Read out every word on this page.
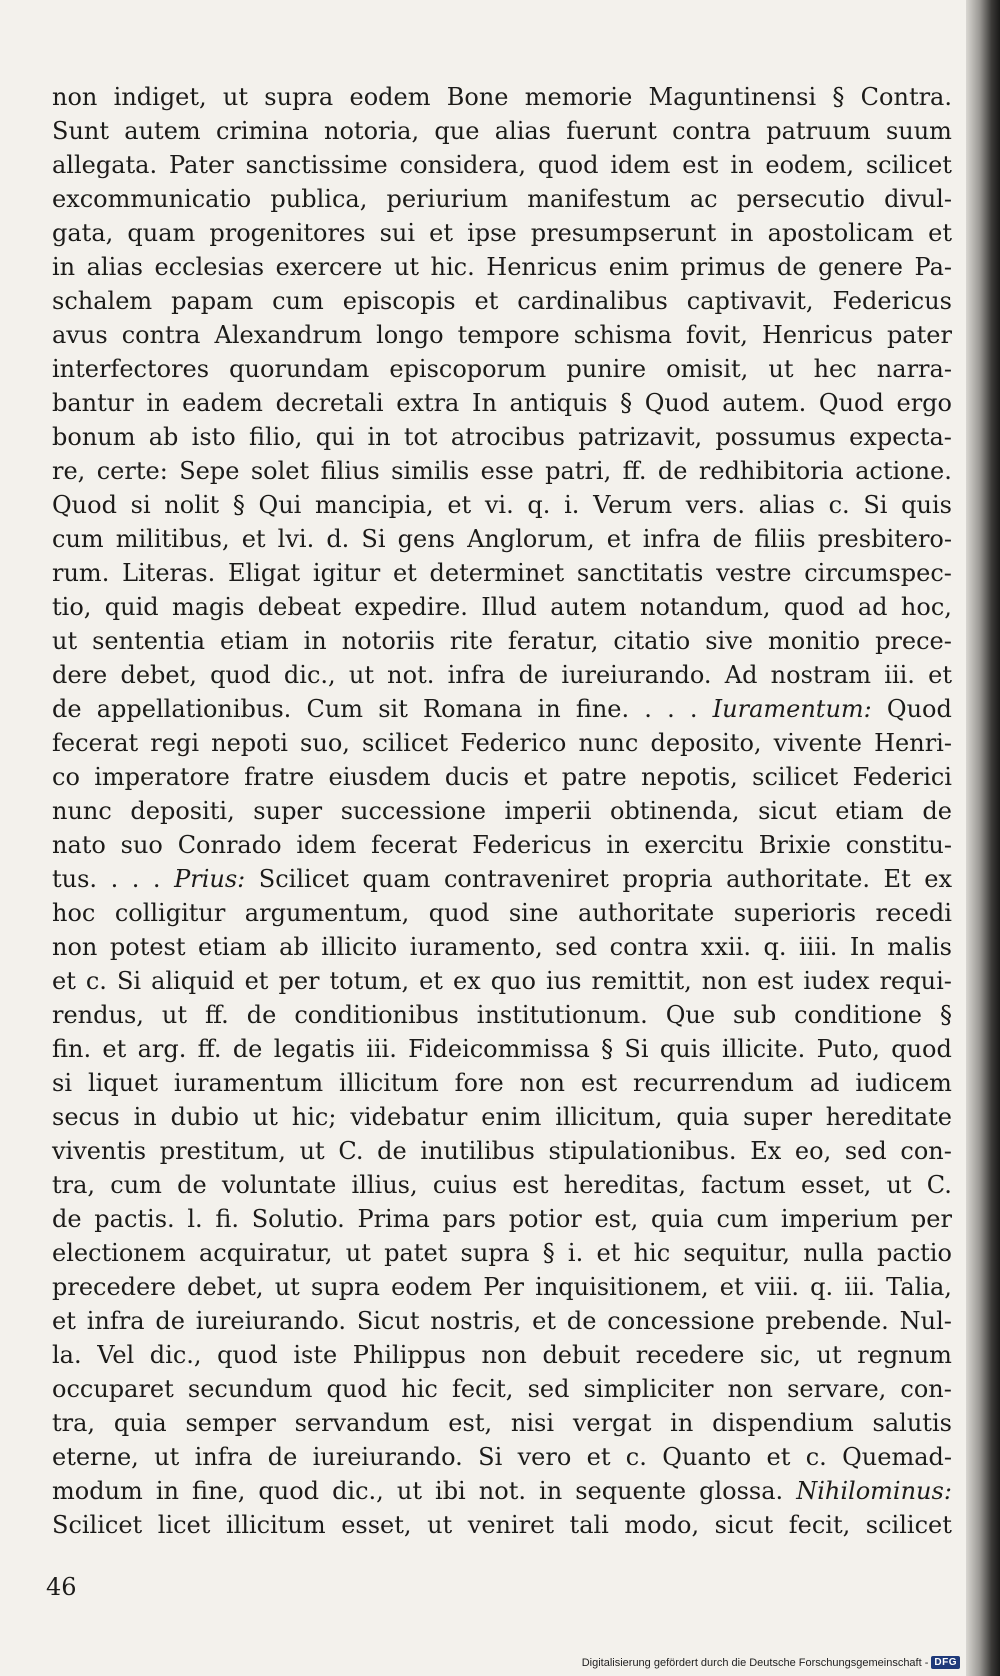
non indiget, ut supra eodem Bone memorie Maguntinensi § Contra.
Sunt autem crimina notoria, que alias fuerunt contra patruum suum
allegata. Pater sanctissime considera, quod idem est in eodem, scilicet
excommunicatio publica, periurium manifestum ac persecutio divul-
gata, quam progenitores sui et ipse presumpserunt in apostolicam et
in alias ecclesias exercere ut hic. Henricus enim primus de genere Pa-
schalem papam cum episcopis et cardinalibus captivavit, Federicus
avus contra Alexandrum longo tempore schisma fovit, Henricus pater
interfectores quorundam episcoporum punire omisit, ut hec narra-
bantur in eadem decretali extra In antiquis § Quod autem. Quod ergo
bonum ab isto filio, qui in tot atrocibus patrizavit, possumus expecta-
re, certe: Sepe solet filius similis esse patri, ff. de redhibitoria actione.
Quod si nolit § Qui mancipia, et vi. q. i. Verum vers. alias c. Si quis
cum militibus, et lvi. d. Si gens Anglorum, et infra de filiis presbitero-
rum. Literas. Eligat igitur et determinet sanctitatis vestre circumspec-
tio, quid magis debeat expedire. Illud autem notandum, quod ad hoc,
ut sententia etiam in notoriis rite feratur, citatio sive monitio prece-
dere debet, quod dic., ut not. infra de iureiurando. Ad nostram iii. et
de appellationibus. Cum sit Romana in fine. . . . Iuramentum: Quod
fecerat regi nepoti suo, scilicet Federico nunc deposito, vivente Henri-
co imperatore fratre eiusdem ducis et patre nepotis, scilicet Federici
nunc depositi, super successione imperii obtinenda, sicut etiam de
nato suo Conrado idem fecerat Federicus in exercitu Brixie constitu-
tus. . . . Prius: Scilicet quam contraveniret propria authoritate. Et ex
hoc colligitur argumentum, quod sine authoritate superioris recedi
non potest etiam ab illicito iuramento, sed contra xxii. q. iiii. In malis
et c. Si aliquid et per totum, et ex quo ius remittit, non est iudex requi-
rendus, ut ff. de conditionibus institutionum. Que sub conditione §
fin. et arg. ff. de legatis iii. Fideicommissa § Si quis illicite. Puto, quod
si liquet iuramentum illicitum fore non est recurrendum ad iudicem
secus in dubio ut hic; videbatur enim illicitum, quia super hereditate
viventis prestitum, ut C. de inutilibus stipulationibus. Ex eo, sed con-
tra, cum de voluntate illius, cuius est hereditas, factum esset, ut C.
de pactis. l. fi. Solutio. Prima pars potior est, quia cum imperium per
electionem acquiratur, ut patet supra § i. et hic sequitur, nulla pactio
precedere debet, ut supra eodem Per inquisitionem, et viii. q. iii. Talia,
et infra de iureiurando. Sicut nostris, et de concessione prebende. Nul-
la. Vel dic., quod iste Philippus non debuit recedere sic, ut regnum
occuparet secundum quod hic fecit, sed simpliciter non servare, con-
tra, quia semper servandum est, nisi vergat in dispendium salutis
eterne, ut infra de iureiurando. Si vero et c. Quanto et c. Quemad-
modum in fine, quod dic., ut ibi not. in sequente glossa. Nihilominus:
Scilicet licet illicitum esset, ut veniret tali modo, sicut fecit, scilicet
46
Digitalisierung gefördert durch die Deutsche Forschungsgemeinschaft - DFG
